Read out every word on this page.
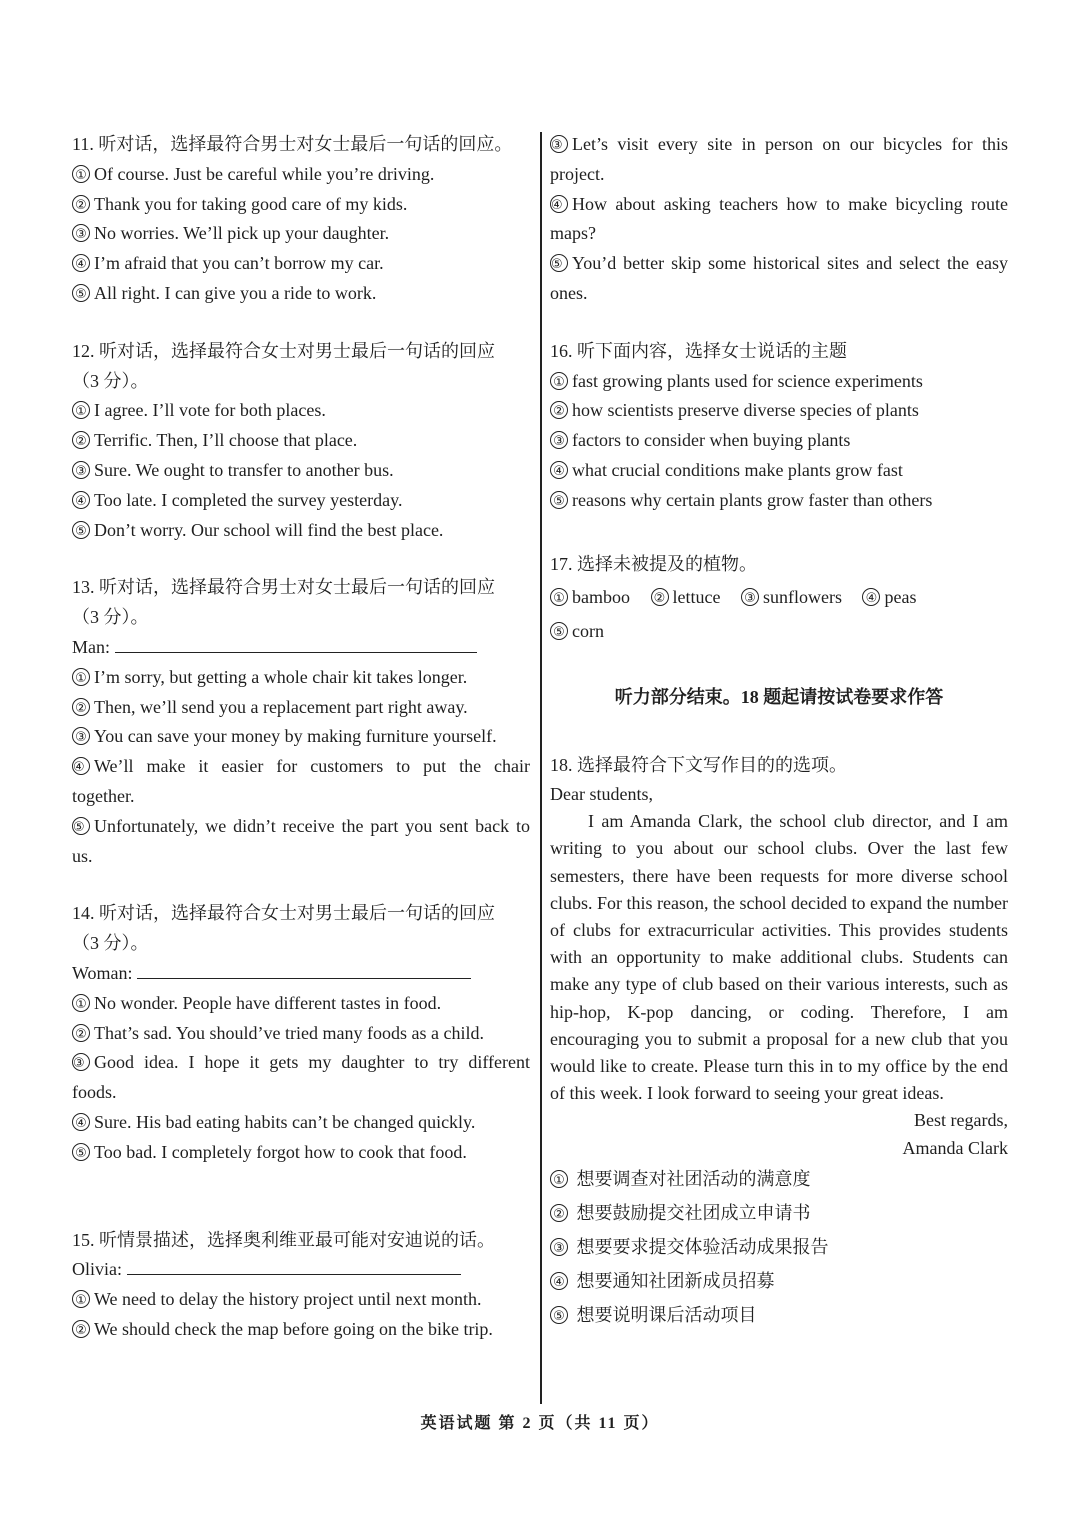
11. 听对话，选择最符合男士对女士最后一句话的回应。
① Of course. Just be careful while you’re driving.
② Thank you for taking good care of my kids.
③ No worries. We’ll pick up your daughter.
④ I’m afraid that you can’t borrow my car.
⑤ All right. I can give you a ride to work.
12. 听对话，选择最符合女士对男士最后一句话的回应
（3 分）。
① I agree. I’ll vote for both places.
② Terrific. Then, I’ll choose that place.
③ Sure. We ought to transfer to another bus.
④ Too late. I completed the survey yesterday.
⑤ Don’t worry. Our school will find the best place.
13. 听对话，选择最符合男士对女士最后一句话的回应
（3 分）。
Man:
① I’m sorry, but getting a whole chair kit takes longer.
② Then, we’ll send you a replacement part right away.
③ You can save your money by making furniture yourself.
④ We’ll make it easier for customers to put the chair
together.
⑤ Unfortunately, we didn’t receive the part you sent back to
us.
14. 听对话，选择最符合女士对男士最后一句话的回应
（3 分）。
Woman:
① No wonder. People have different tastes in food.
② That’s sad. You should’ve tried many foods as a child.
③ Good idea. I hope it gets my daughter to try different
foods.
④ Sure. His bad eating habits can’t be changed quickly.
⑤ Too bad. I completely forgot how to cook that food.
15. 听情景描述，选择奥利维亚最可能对安迪说的话。
Olivia:
① We need to delay the history project until next month.
② We should check the map before going on the bike trip.
③ Let’s visit every site in person on our bicycles for this
project.
④ How about asking teachers how to make bicycling route
maps?
⑤ You’d better skip some historical sites and select the easy
ones.
16. 听下面内容，选择女士说话的主题
① fast growing plants used for science experiments
② how scientists preserve diverse species of plants
③ factors to consider when buying plants
④ what crucial conditions make plants grow fast
⑤ reasons why certain plants grow faster than others
17. 选择未被提及的植物。
① bamboo ② lettuce ③ sunflowers ④ peas
⑤ corn
听力部分结束。18 题起请按试卷要求作答
18. 选择最符合下文写作目的的选项。
Dear students,
I am Amanda Clark, the school club director, and I am writing to you about our school clubs. Over the last few semesters, there have been requests for more diverse school clubs. For this reason, the school decided to expand the number of clubs for extracurricular activities. This provides students with an opportunity to make additional clubs. Students can make any type of club based on their various interests, such as hip-hop, K-pop dancing, or coding. Therefore, I am encouraging you to submit a proposal for a new club that you would like to create. Please turn this in to my office by the end of this week. I look forward to seeing your great ideas.
Best regards,
Amanda Clark
① 想要调查对社团活动的满意度
② 想要鼓励提交社团成立申请书
③ 想要要求提交体验活动成果报告
④ 想要通知社团新成员招募
⑤ 想要说明课后活动项目
英语试题 第 2 页（共 11 页）
